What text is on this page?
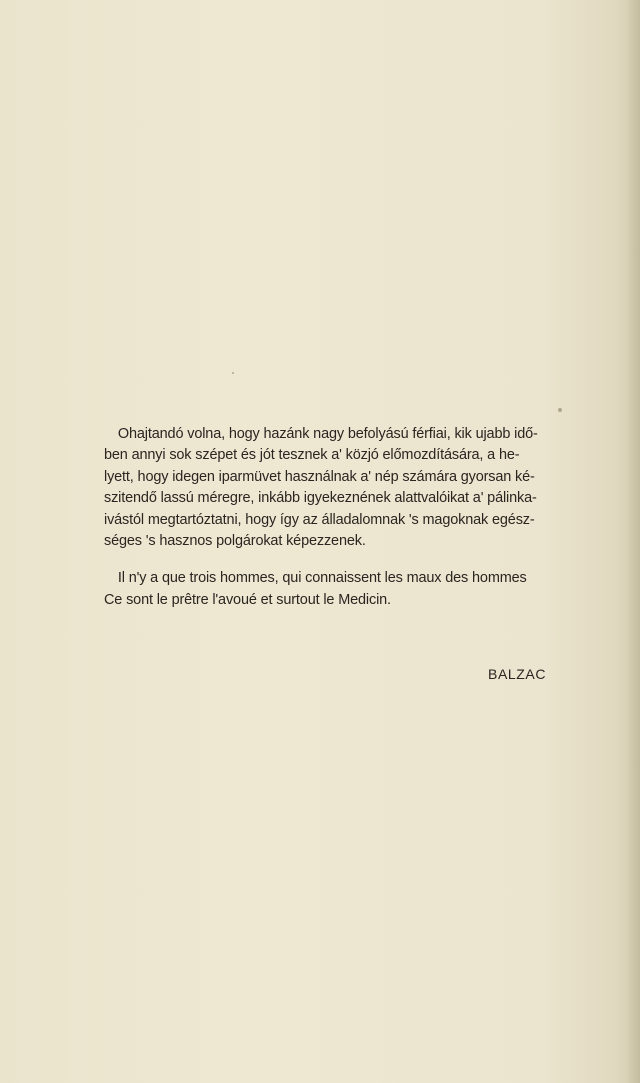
Ohajtandó volna, hogy hazánk nagy befolyású férfiai, kik ujabb idő-
ben annyi sok szépet és jót tesznek a' közjó előmozdítására, a he-
lyett, hogy idegen iparmüvet használnak a' nép számára gyorsan ké-
szitendő lassú méregre, inkább igyekeznének alattvalóikat a' pálinka-
ivástól megtartóztatni, hogy így az álladalomnak 's magoknak egész-
séges 's hasznos polgárokat képezzenek.
Il n'y a que trois hommes, qui connaissent les maux des hommes
Ce sont le prêtre l'avoué et surtout le Medicin.
BALZAC
